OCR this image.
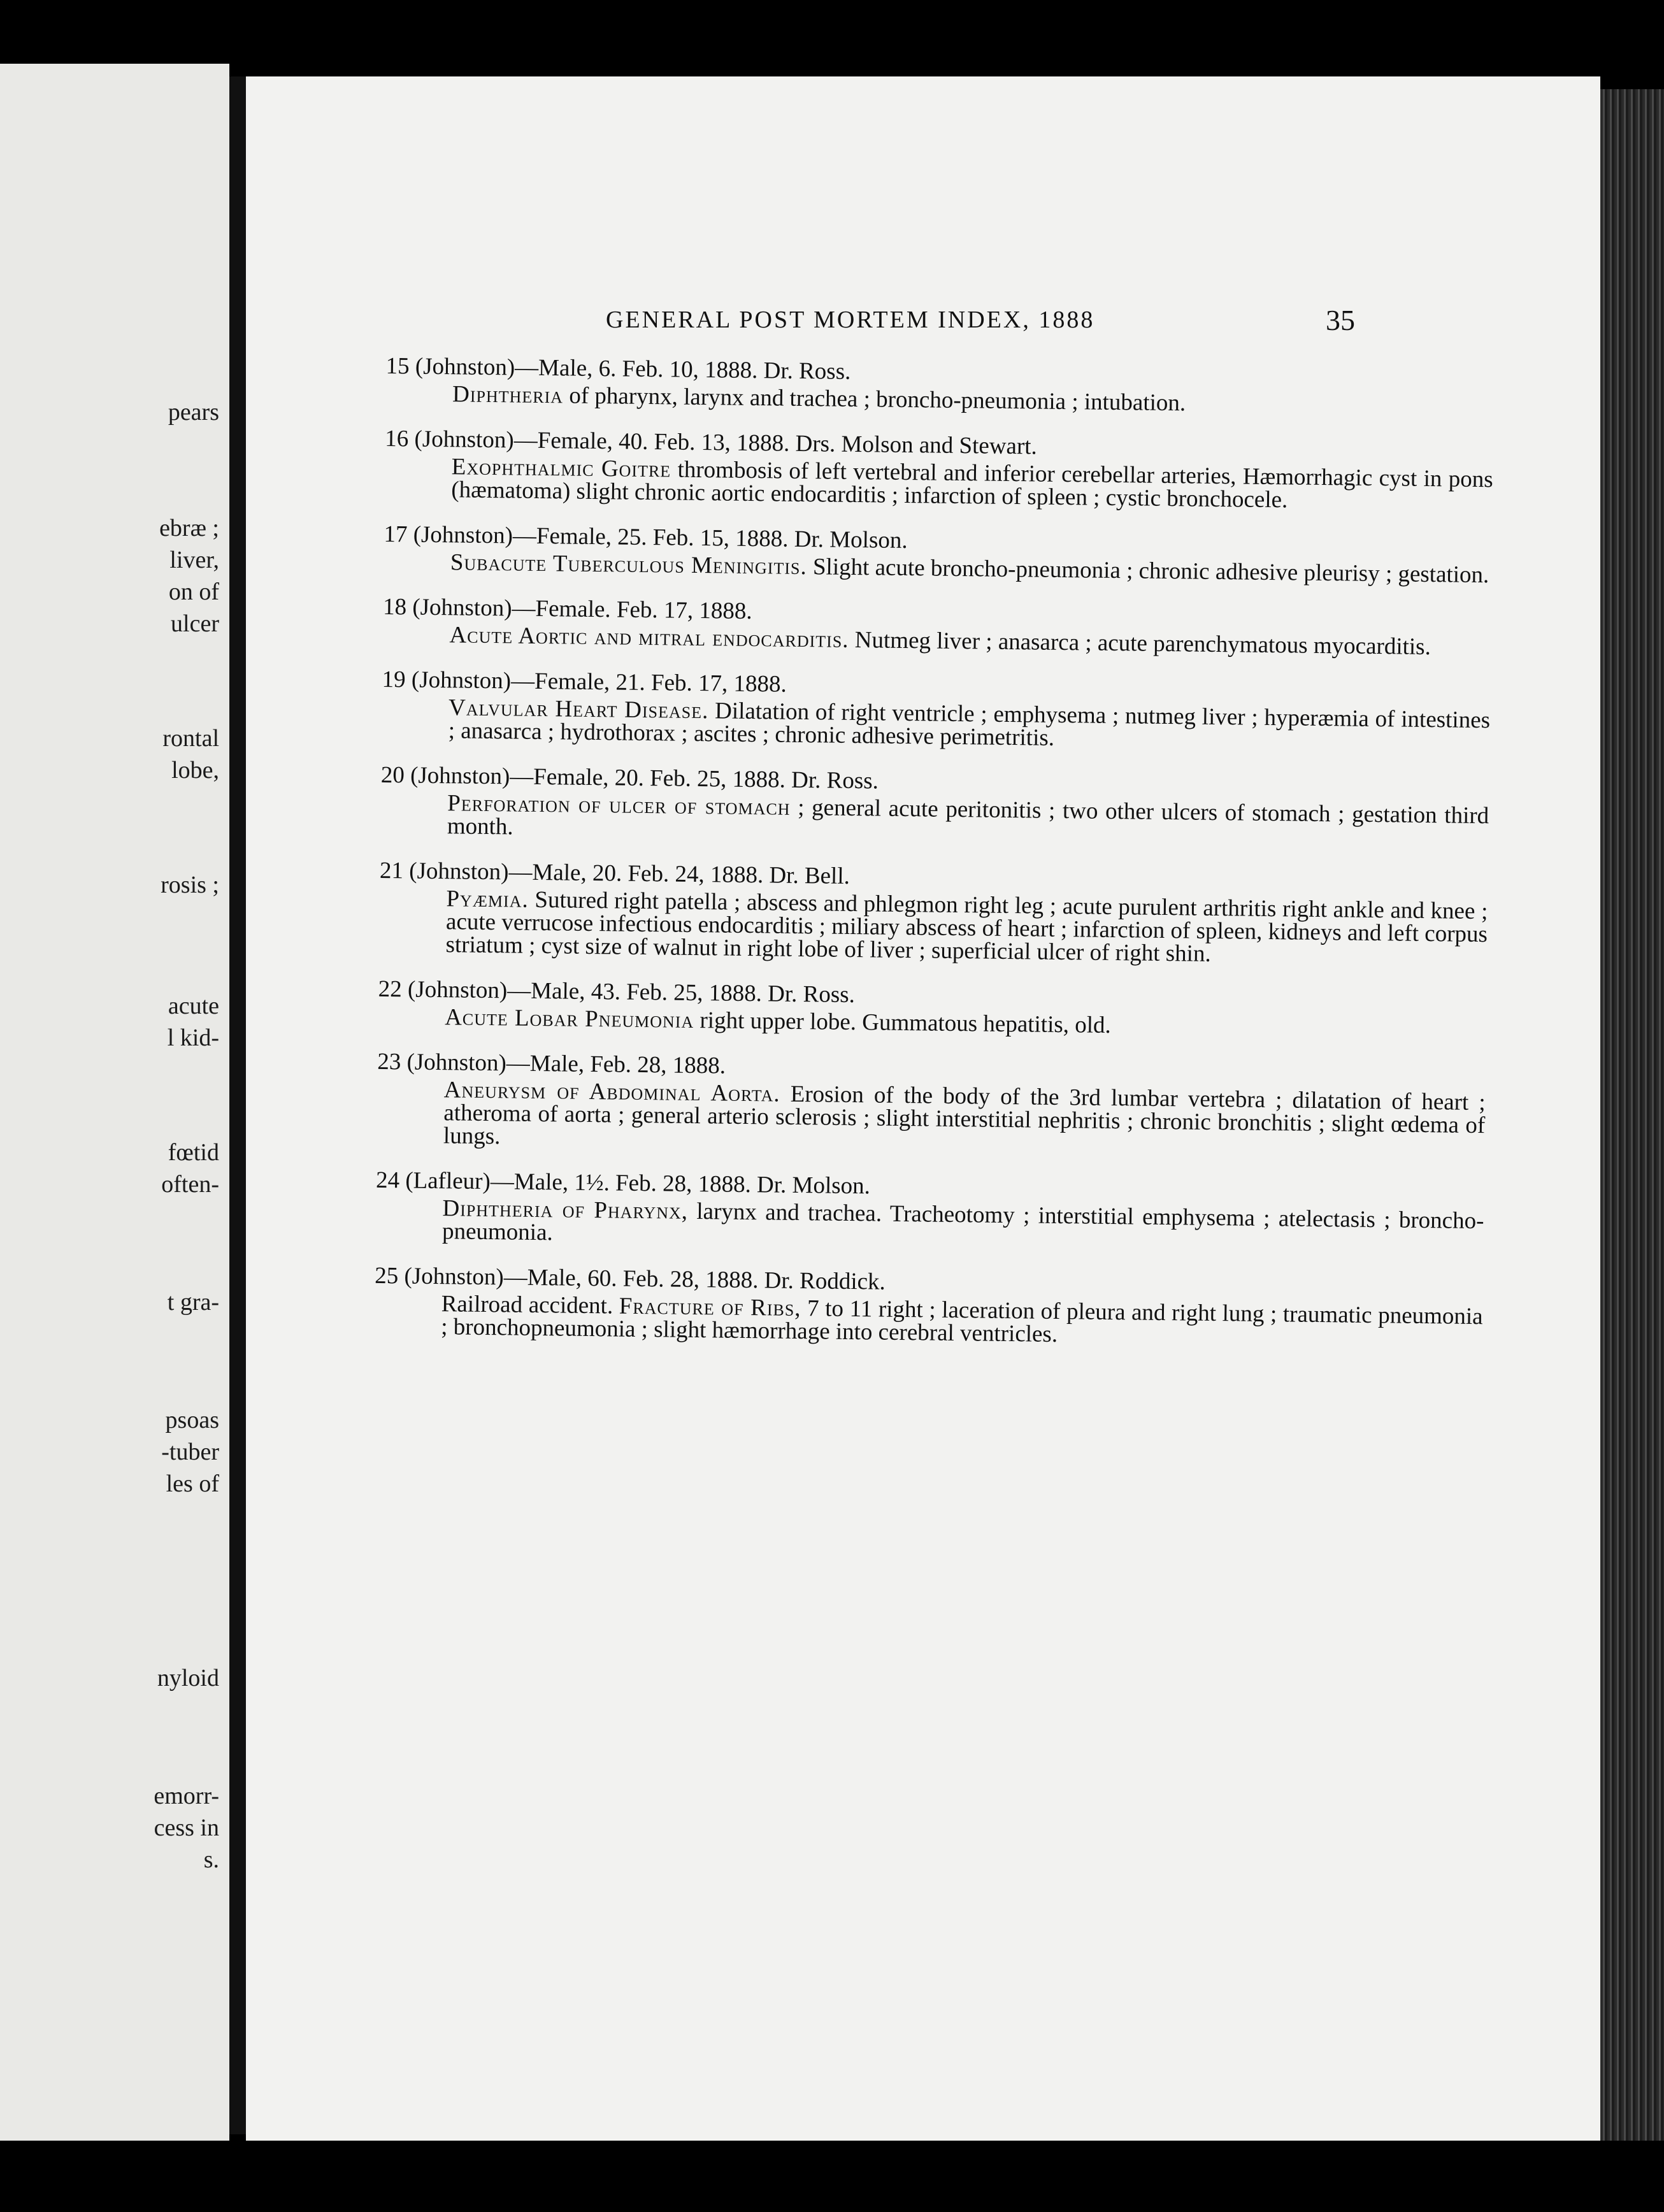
pears
ebræ ;
liver,
on of
ulcer
rontal
lobe,
rosis ;
acute
l kid-
fœtid
often-
t gra-
psoas
-tuber
les of
nyloid
emorr-
cess in
s.
GENERAL POST MORTEM INDEX, 1888	35
15 (Johnston)—Male, 6. Feb. 10, 1888. Dr. Ross.
Diphtheria of pharynx, larynx and trachea ; broncho-pneumonia ; intubation.
16 (Johnston)—Female, 40. Feb. 13, 1888. Drs. Molson and Stewart.
Exophthalmic Goitre thrombosis of left vertebral and inferior cerebellar arteries, Hæmorrhagic cyst in pons (hæmatoma) slight chronic aortic endocarditis ; infarction of spleen ; cystic bronchocele.
17 (Johnston)—Female, 25. Feb. 15, 1888. Dr. Molson.
Subacute Tuberculous Meningitis. Slight acute broncho-pneumonia ; chronic adhesive pleurisy ; gestation.
18 (Johnston)—Female. Feb. 17, 1888.
Acute Aortic and mitral endocarditis. Nutmeg liver ; anasarca ; acute parenchymatous myocarditis.
19 (Johnston)—Female, 21. Feb. 17, 1888.
Valvular Heart Disease. Dilatation of right ventricle ; emphysema ; nutmeg liver ; hyperæmia of intestines ; anasarca ; hydrothorax ; ascites ; chronic adhesive perimetritis.
20 (Johnston)—Female, 20. Feb. 25, 1888. Dr. Ross.
Perforation of ulcer of stomach ; general acute peritonitis ; two other ulcers of stomach ; gestation third month.
21 (Johnston)—Male, 20. Feb. 24, 1888. Dr. Bell.
Pyæmia. Sutured right patella ; abscess and phlegmon right leg ; acute purulent arthritis right ankle and knee ; acute verrucose infectious endocarditis ; miliary abscess of heart ; infarction of spleen, kidneys and left corpus striatum ; cyst size of walnut in right lobe of liver ; superficial ulcer of right shin.
22 (Johnston)—Male, 43. Feb. 25, 1888. Dr. Ross.
Acute Lobar Pneumonia right upper lobe. Gummatous hepatitis, old.
23 (Johnston)—Male, Feb. 28, 1888.
Aneurysm of Abdominal Aorta. Erosion of the body of the 3rd lumbar vertebra ; dilatation of heart ; atheroma of aorta ; general arterio sclerosis ; slight interstitial nephritis ; chronic bronchitis ; slight œdema of lungs.
24 (Lafleur)—Male, 1½. Feb. 28, 1888. Dr. Molson.
Diphtheria of Pharynx, larynx and trachea. Tracheotomy ; interstitial emphysema ; atelectasis ; broncho-pneumonia.
25 (Johnston)—Male, 60. Feb. 28, 1888. Dr. Roddick.
Railroad accident. Fracture of Ribs, 7 to 11 right ; laceration of pleura and right lung ; traumatic pneumonia ; bronchopneumonia ; slight hæmorrhage into cerebral ventricles.
